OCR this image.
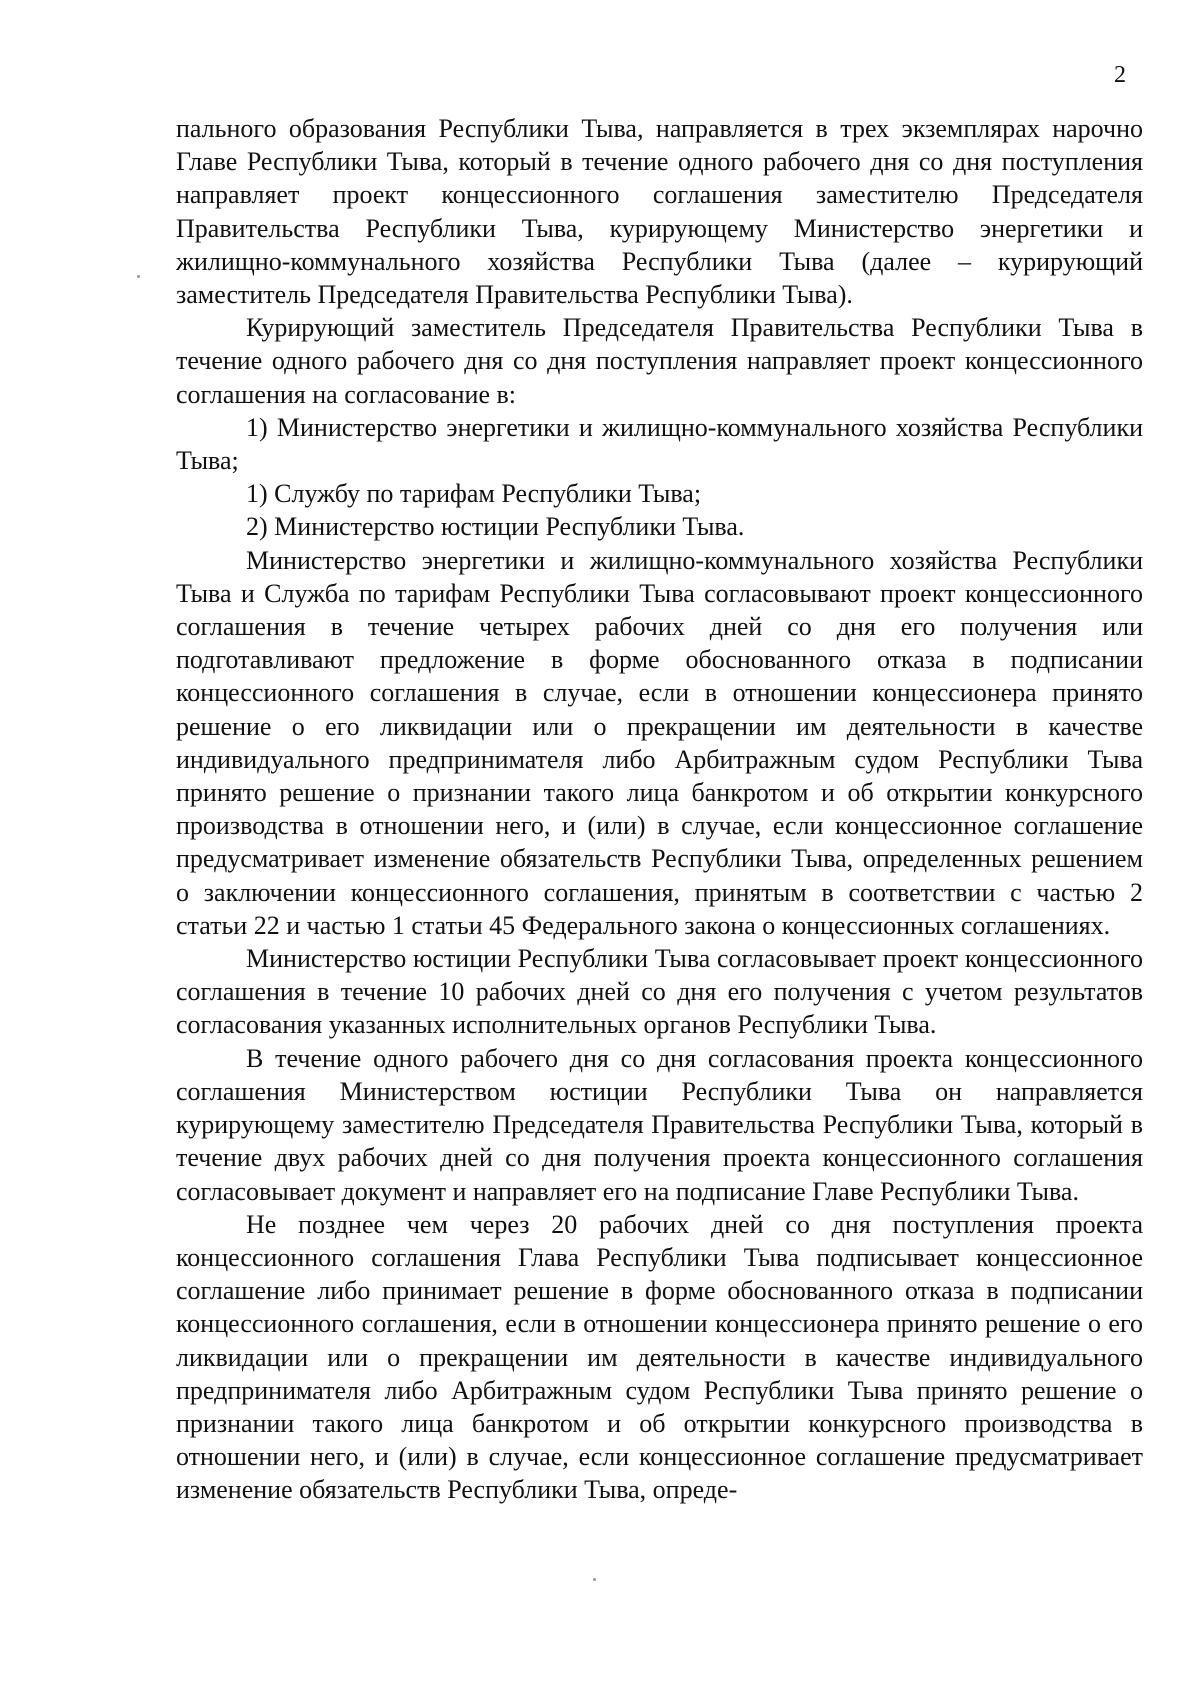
2

пального образования Республики Тыва, направляется в трех экземплярах нарочно Главе Республики Тыва, который в течение одного рабочего дня со дня поступления направляет проект концессионного соглашения заместителю Председателя Правительства Республики Тыва, курирующему Министерство энергетики и жилищно-коммунального хозяйства Республики Тыва (далее – курирующий заместитель Председателя Правительства Республики Тыва).

Курирующий заместитель Председателя Правительства Республики Тыва в течение одного рабочего дня со дня поступления направляет проект концессионного соглашения на согласование в:

1) Министерство энергетики и жилищно-коммунального хозяйства Республики Тыва;

1) Службу по тарифам Республики Тыва;

2) Министерство юстиции Республики Тыва.

Министерство энергетики и жилищно-коммунального хозяйства Республики Тыва и Служба по тарифам Республики Тыва согласовывают проект концессионного соглашения в течение четырех рабочих дней со дня его получения или подготавливают предложение в форме обоснованного отказа в подписании концессионного соглашения в случае, если в отношении концессионера принято решение о его ликвидации или о прекращении им деятельности в качестве индивидуального предпринимателя либо Арбитражным судом Республики Тыва принято решение о признании такого лица банкротом и об открытии конкурсного производства в отношении него, и (или) в случае, если концессионное соглашение предусматривает изменение обязательств Республики Тыва, определенных решением о заключении концессионного соглашения, принятым в соответствии с частью 2 статьи 22 и частью 1 статьи 45 Федерального закона о концессионных соглашениях.

Министерство юстиции Республики Тыва согласовывает проект концессионного соглашения в течение 10 рабочих дней со дня его получения с учетом результатов согласования указанных исполнительных органов Республики Тыва.

В течение одного рабочего дня со дня согласования проекта концессионного соглашения Министерством юстиции Республики Тыва он направляется курирующему заместителю Председателя Правительства Республики Тыва, который в течение двух рабочих дней со дня получения проекта концессионного соглашения согласовывает документ и направляет его на подписание Главе Республики Тыва.

Не позднее чем через 20 рабочих дней со дня поступления проекта концессионного соглашения Глава Республики Тыва подписывает концессионное соглашение либо принимает решение в форме обоснованного отказа в подписании концессионного соглашения, если в отношении концессионера принято решение о его ликвидации или о прекращении им деятельности в качестве индивидуального предпринимателя либо Арбитражным судом Республики Тыва принято решение о признании такого лица банкротом и об открытии конкурсного производства в отношении него, и (или) в случае, если концессионное соглашение предусматривает изменение обязательств Республики Тыва, опреде-
